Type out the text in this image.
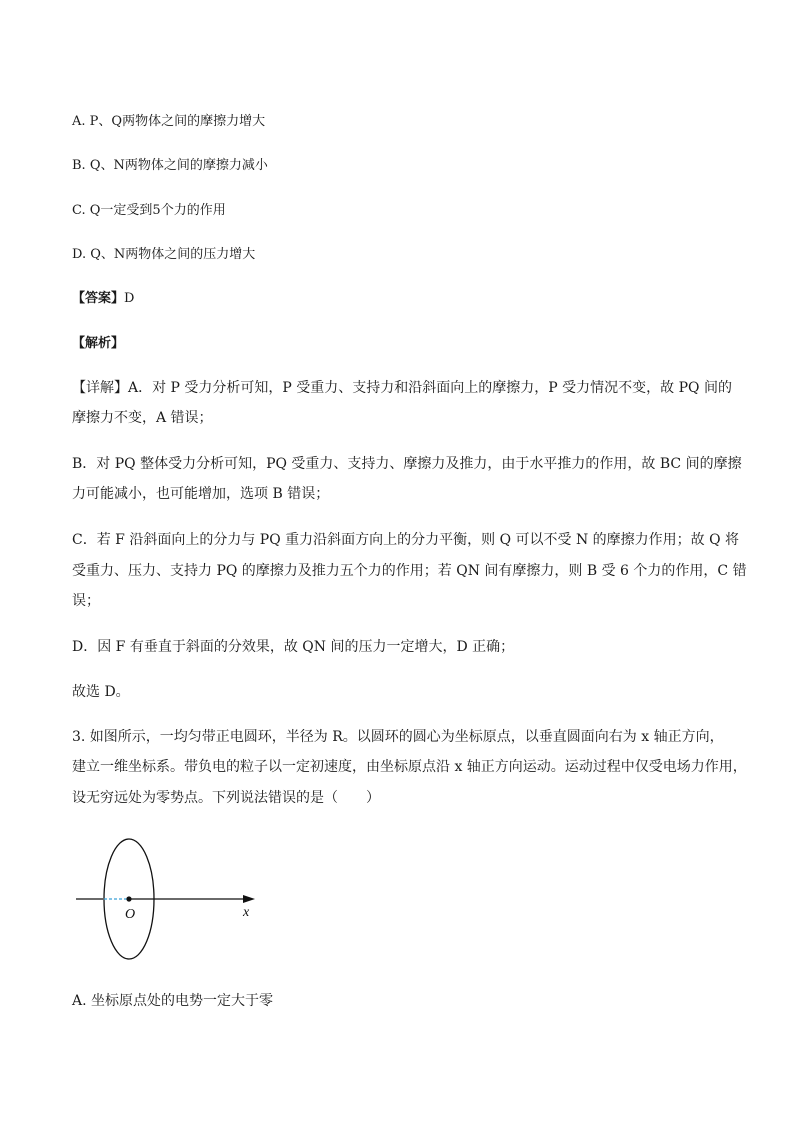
A. P、Q两物体之间的摩擦力增大
B. Q、N两物体之间的摩擦力减小
C. Q一定受到5个力的作用
D. Q、N两物体之间的压力增大
【答案】D
【解析】
【详解】A．对 P 受力分析可知，P 受重力、支持力和沿斜面向上的摩擦力，P 受力情况不变，故 PQ 间的
摩擦力不变，A 错误；
B．对 PQ 整体受力分析可知，PQ 受重力、支持力、摩擦力及推力，由于水平推力的作用，故 BC 间的摩擦
力可能减小，也可能增加，选项 B 错误；
C．若 F 沿斜面向上的分力与 PQ 重力沿斜面方向上的分力平衡，则 Q 可以不受 N 的摩擦力作用；故 Q 将
受重力、压力、支持力 PQ 的摩擦力及推力五个力的作用；若 QN 间有摩擦力，则 B 受 6 个力的作用，C 错
误；
D．因 F 有垂直于斜面的分效果，故 QN 间的压力一定增大，D 正确；
故选 D。
3. 如图所示，一均匀带正电圆环，半径为 R。以圆环的圆心为坐标原点，以垂直圆面向右为 x 轴正方向，
建立一维坐标系。带负电的粒子以一定初速度，由坐标原点沿 x 轴正方向运动。运动过程中仅受电场力作用，
设无穷远处为零势点。下列说法错误的是（　　）
O	x
A. 坐标原点处的电势一定大于零
